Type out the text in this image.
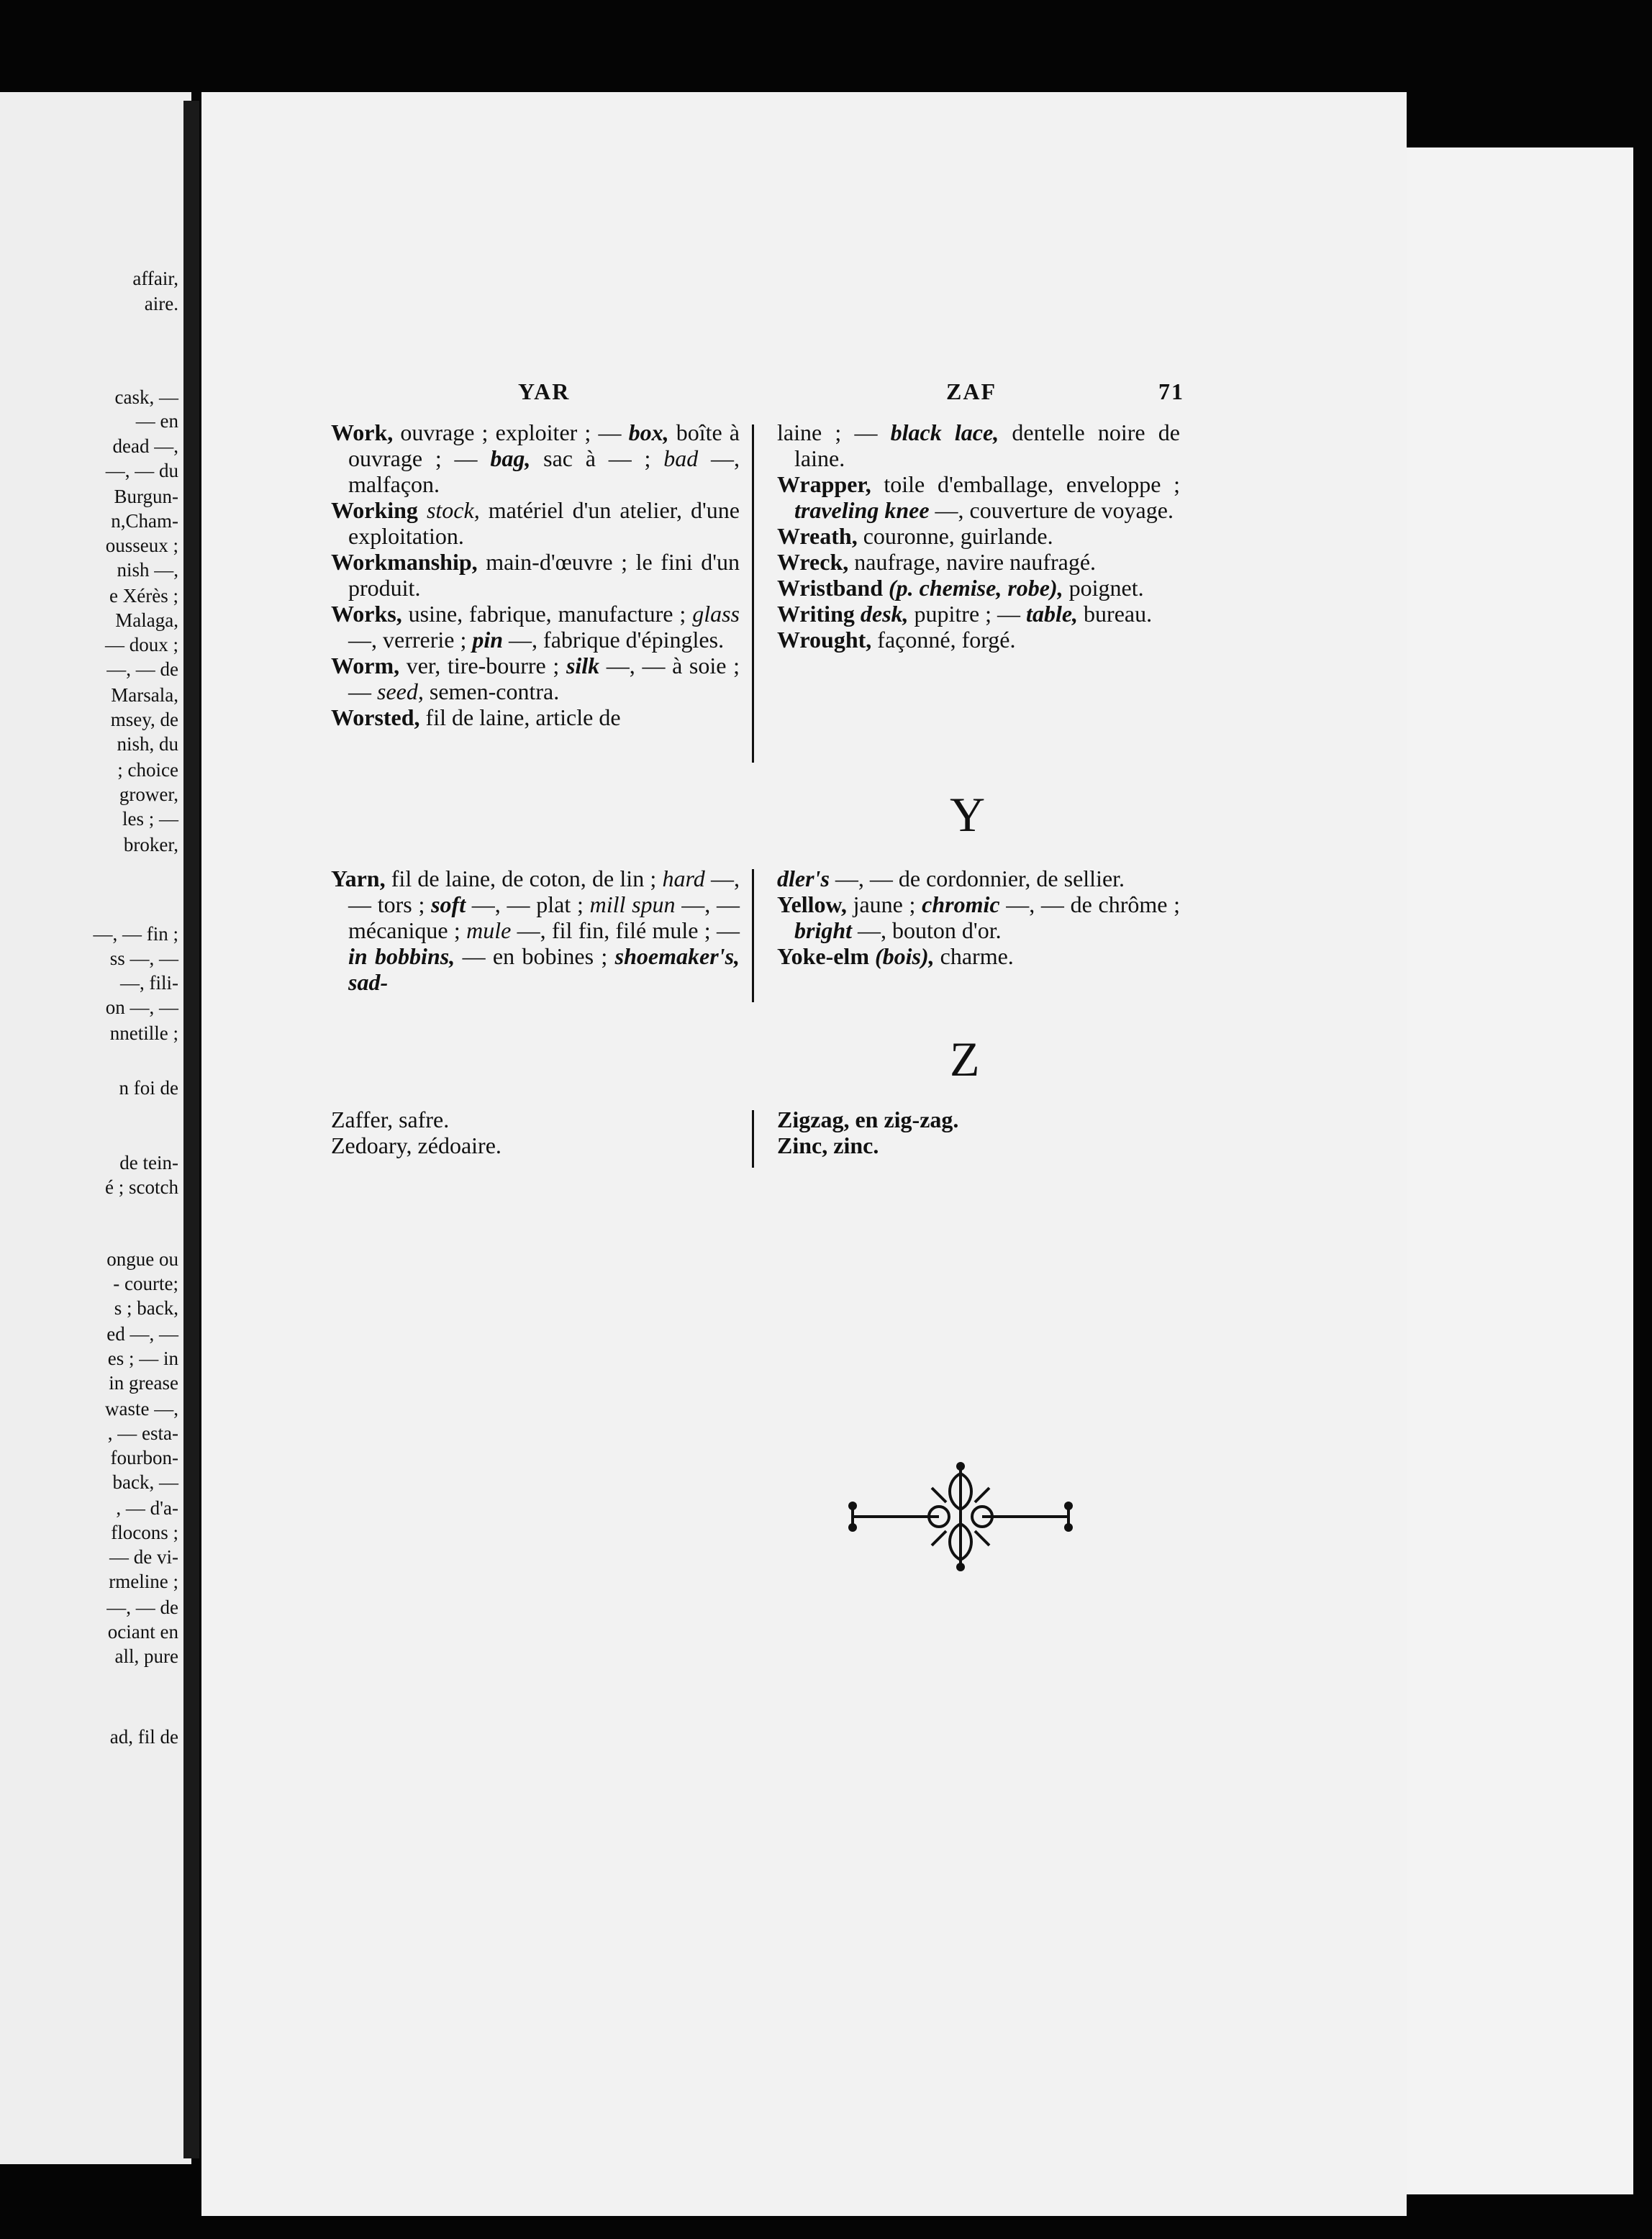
affair,
aire.
cask, —
— en
dead —,
—, — du
Burgun-
n,Cham-
ousseux ;
nish —,
e Xérès ;
Malaga,
— doux ;
—, — de
Marsala,
msey, de
nish, du
; choice
grower,
les ; —
broker,
—, — fin ;
ss —, —
—, fili-
on —, —
nnetille ;
n foi de
de tein-
é ; scotch
ongue ou
- courte;
s ; back,
ed —, —
es ; — in
in grease
waste —,
, — esta-
fourbon-
back, —
, — d'a-
flocons ;
— de vi-
rmeline ;
—, — de
ociant en
all, pure
ad, fil de
YAR	ZAF	71

Work, ouvrage ; exploiter ; — box, boîte à ouvrage ; — bag, sac à — ; bad —, malfaçon.

Working stock, matériel d'un atelier, d'une exploitation.

Workmanship, main-d'œuvre ; le fini d'un produit.

Works, usine, fabrique, manufacture ; glass —, verrerie ; pin —, fabrique d'épingles.

Worm, ver, tire-bourre ; silk —, — à soie ; — seed, semen-contra.

Worsted, fil de laine, article de

laine ; — black lace, dentelle noire de laine.

Wrapper, toile d'emballage, enveloppe ; traveling knee —, couverture de voyage.

Wreath, couronne, guirlande.

Wreck, naufrage, navire naufragé.

Wristband (p. chemise, robe), poignet.

Writing desk, pupitre ; — table, bureau.

Wrought, façonné, forgé.

Y

Yarn, fil de laine, de coton, de lin ; hard —, — tors ; soft —, — plat ; mill spun —, — mécanique ; mule —, fil fin, filé mule ; — in bobbins, — en bobines ; shoemaker's, sad-

dler's —, — de cordonnier, de sellier.

Yellow, jaune ; chromic —, — de chrôme ; bright —, bouton d'or.

Yoke-elm (bois), charme.

Z

Zaffer, safre.

Zedoary, zédoaire.

Zigzag, en zig-zag.

Zinc, zinc.
